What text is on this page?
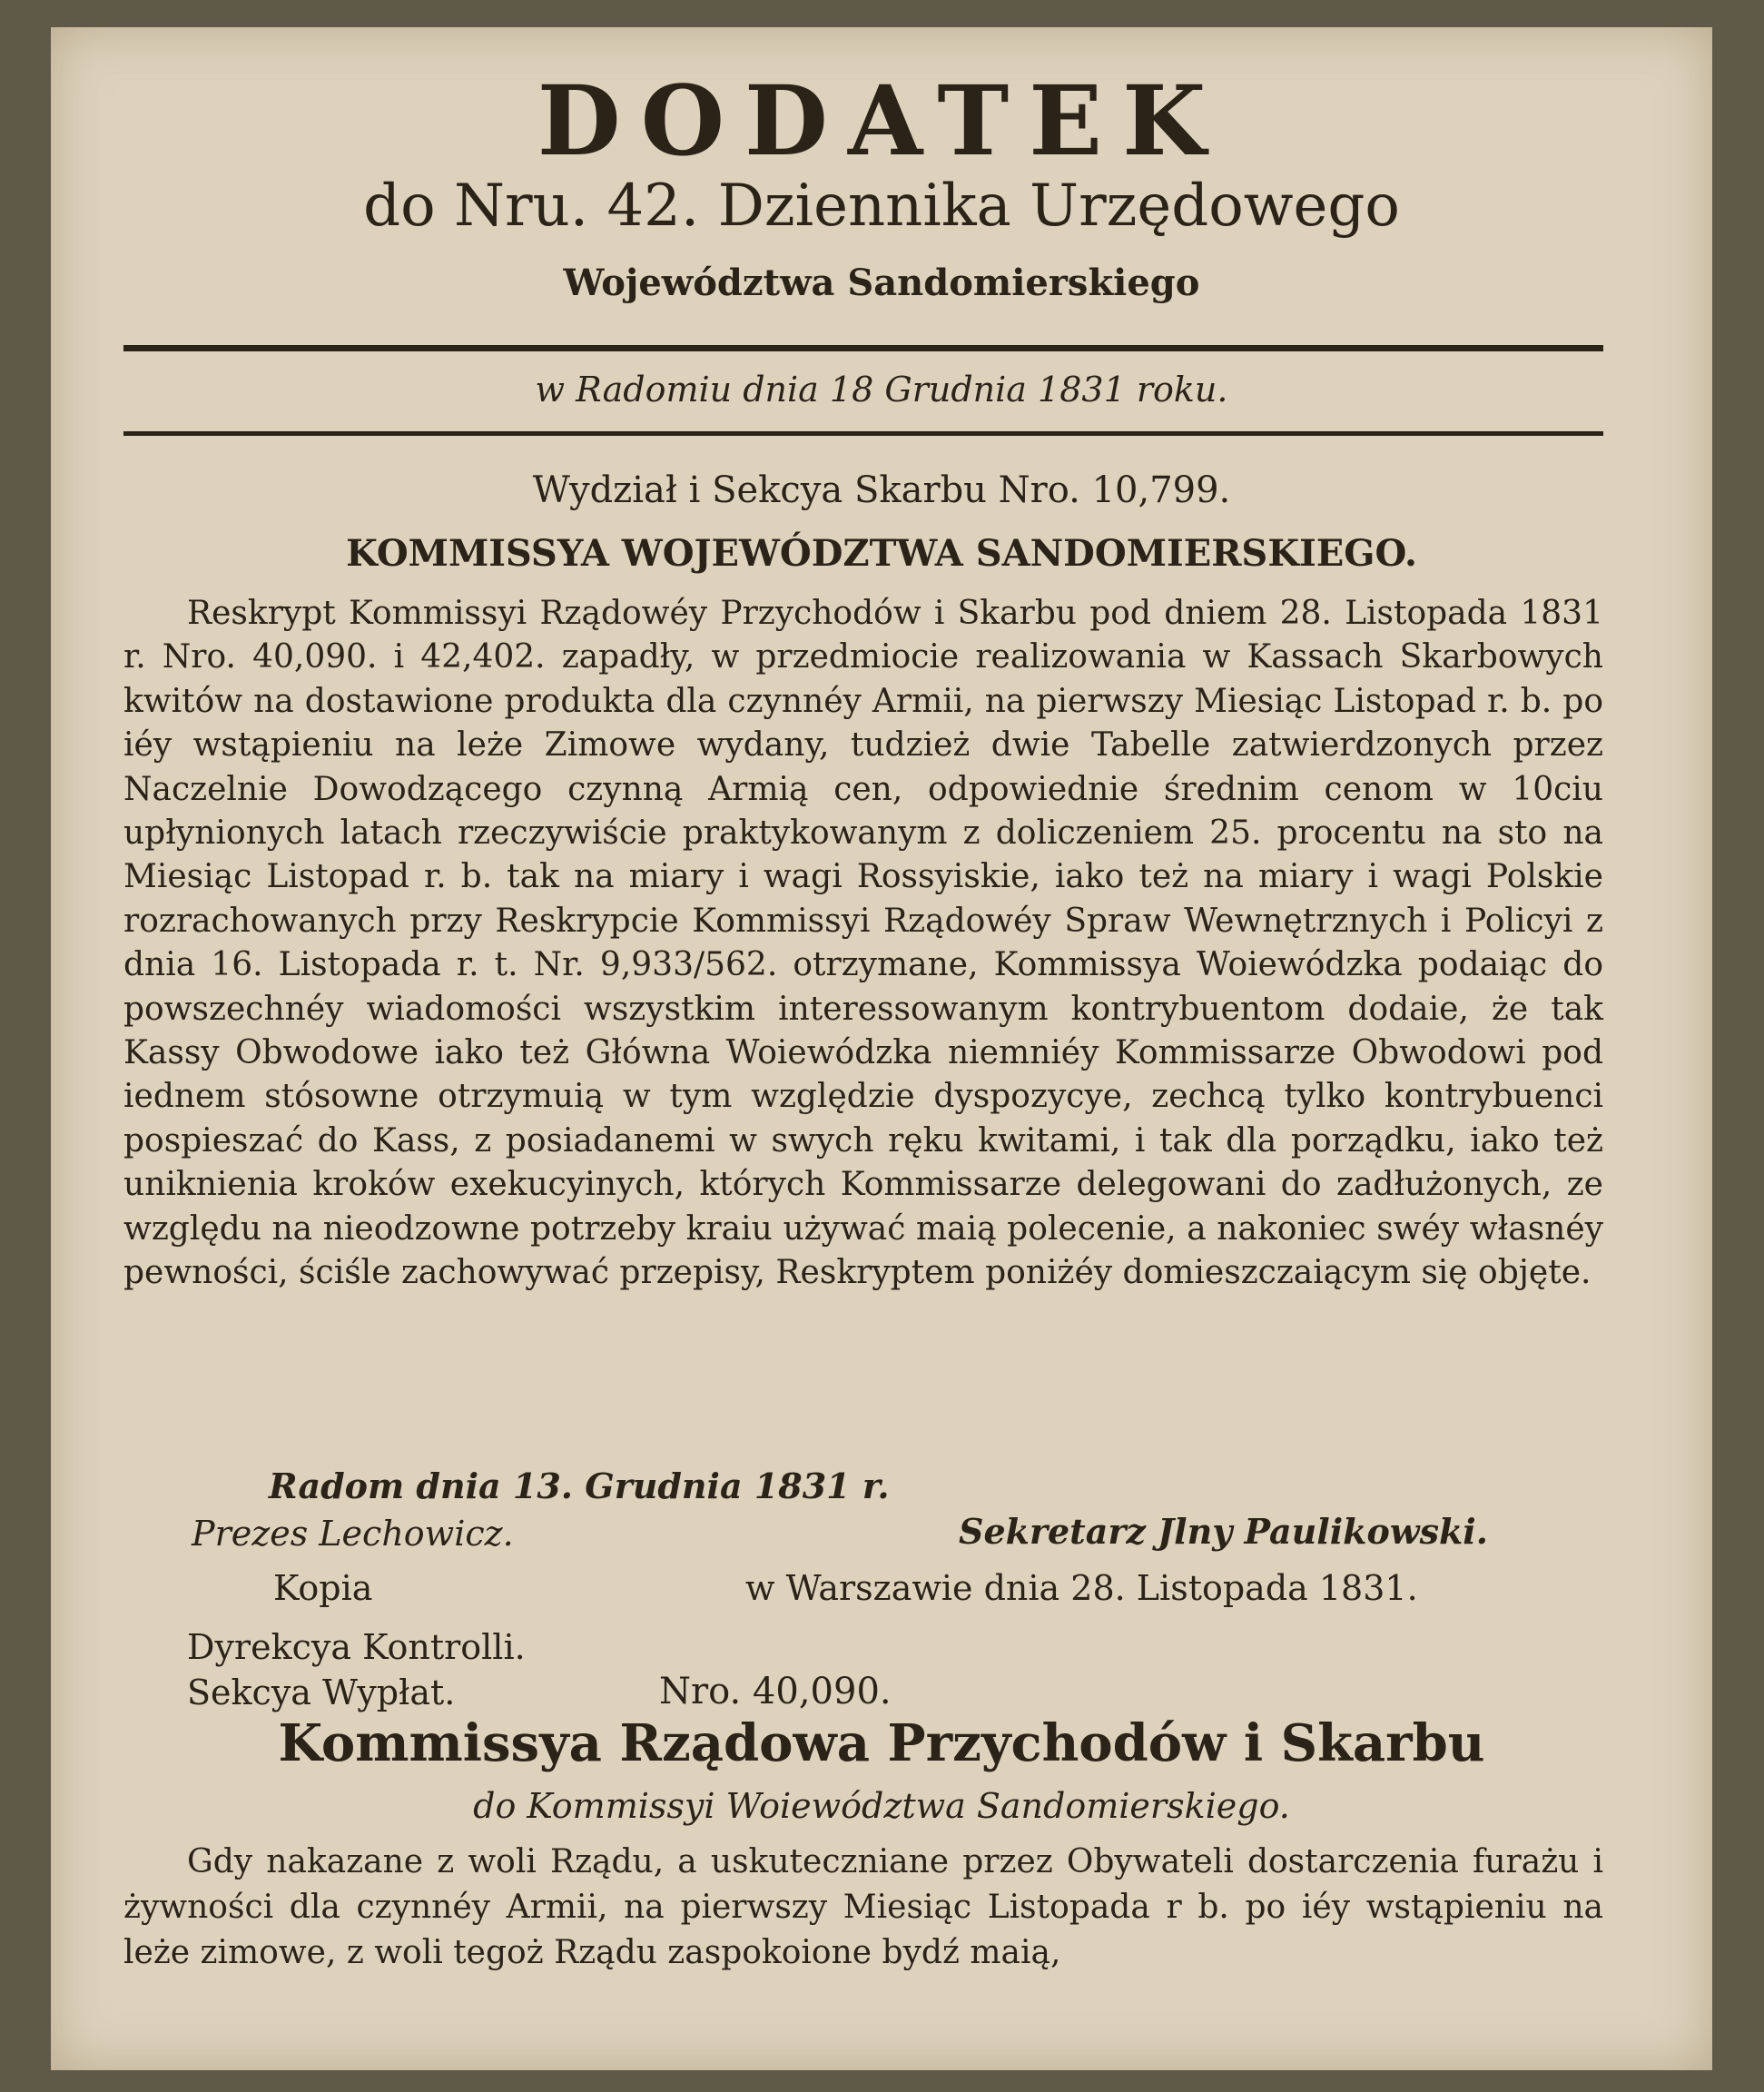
DODATEK
do Nru. 42. Dziennika Urzędowego
Województwa Sandomierskiego
w Radomiu dnia 18 Grudnia 1831 roku.
Wydział i Sekcya Skarbu Nro. 10,799.
KOMMISSYA WOJEWÓDZTWA SANDOMIERSKIEGO.
Reskrypt Kommissyi Rządowéy Przychodów i Skarbu pod dniem 28. Listopada 1831 r. Nro. 40,090. i 42,402. zapadły, w przedmiocie realizowania w Kassach Skarbowych kwitów na dostawione produkta dla czynnéy Armii, na pierwszy Miesiąc Listopad r. b. po iéy wstąpieniu na leże Zimowe wydany, tudzież dwie Tabelle zatwierdzonych przez Naczelnie Dowodzącego czynną Armią cen, odpowiednie średnim cenom w 10ciu upłynionych latach rzeczywiście praktykowanym z doliczeniem 25. procentu na sto na Miesiąc Listopad r. b. tak na miary i wagi Rossyiskie, iako też na miary i wagi Polskie rozrachowanych przy Reskrypcie Kommissyi Rządowéy Spraw Wewnętrznych i Policyi z dnia 16. Listopada r. t. Nr. 9,933/562. otrzymane, Kommissya Woiewódzka podaiąc do powszechnéy wiadomości wszystkim interessowanym kontrybuentom dodaie, że tak Kassy Obwodowe iako też Główna Woiewódzka niemniéy Kommissarze Obwodowi pod iednem stósowne otrzymuią w tym względzie dyspozycye, zechcą tylko kontrybuenci pospieszać do Kass, z posiadanemi w swych ręku kwitami, i tak dla porządku, iako też uniknienia kroków exekucyinych, których Kommissarze delegowani do zadłużonych, ze względu na nieodzowne potrzeby kraiu używać maią polecenie, a nakoniec swéy własnéy pewności, ściśle zachowywać przepisy, Reskryptem poniżéy domieszczaiącym się objęte.
Radom dnia 13. Grudnia 1831 r.
Prezes Lechowicz.	Sekretarz Jlny Paulikowski.
Kopia	w Warszawie dnia 28. Listopada 1831.
Dyrekcya Kontrolli.
Sekcya Wypłat.	Nro. 40,090.
Kommissya Rządowa Przychodów i Skarbu
do Kommissyi Woiewództwa Sandomierskiego.
Gdy nakazane z woli Rządu, a uskuteczniane przez Obywateli dostarczenia furażu i żywności dla czynnéy Armii, na pierwszy Miesiąc Listopada r b. po iéy wstąpieniu na leże zimowe, z woli tegoż Rządu zaspokoione bydź maią,
